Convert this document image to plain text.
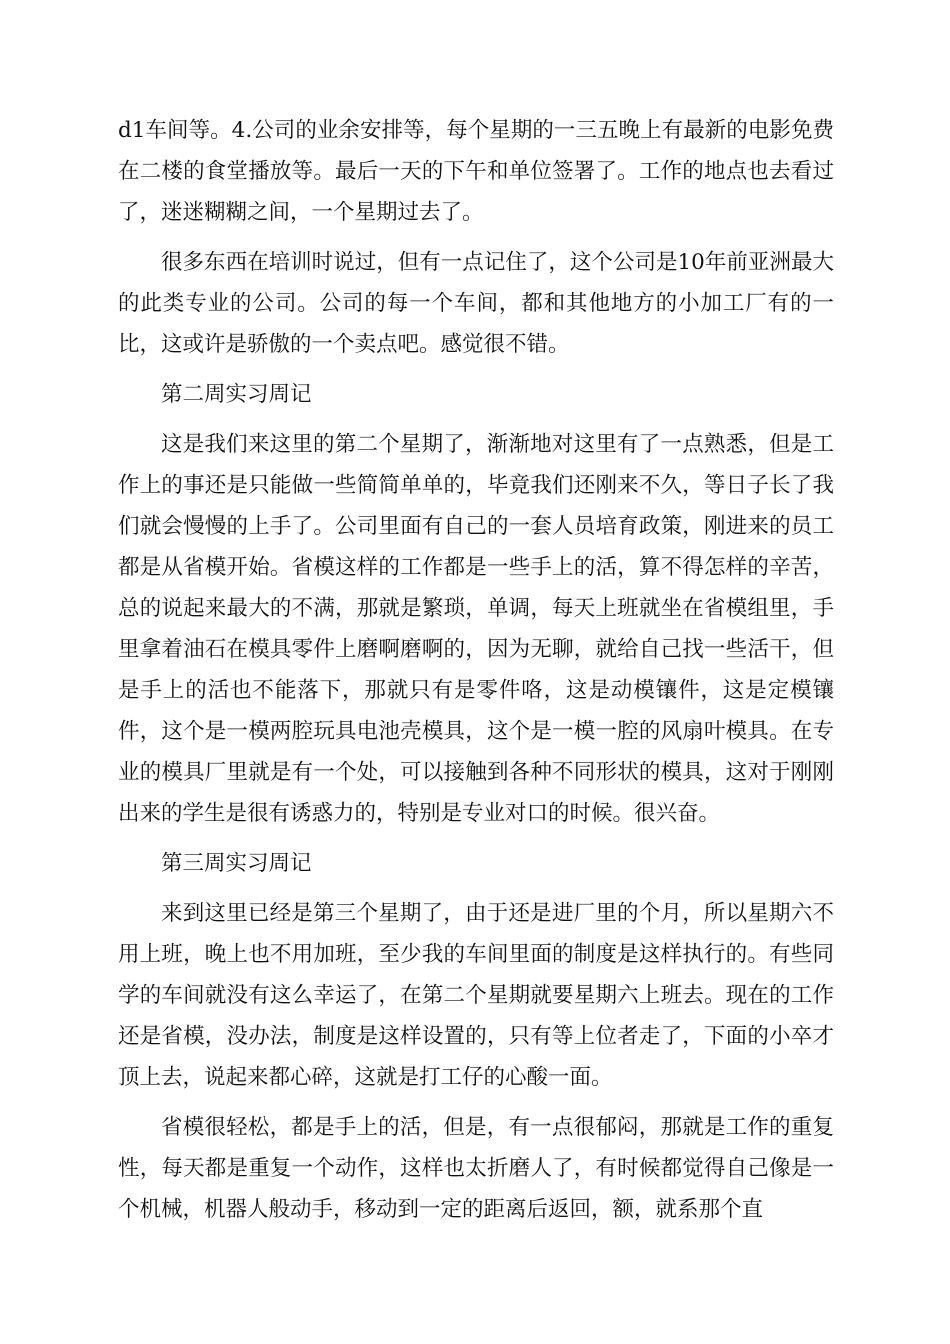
d1车间等。4.公司的业余安排等，每个星期的一三五晚上有最新的电影免费在二楼的食堂播放等。最后一天的下午和单位签署了。工作的地点也去看过了，迷迷糊糊之间，一个星期过去了。

很多东西在培训时说过，但有一点记住了，这个公司是10年前亚洲最大的此类专业的公司。公司的每一个车间，都和其他地方的小加工厂有的一比，这或许是骄傲的一个卖点吧。感觉很不错。

第二周实习周记

这是我们来这里的第二个星期了，渐渐地对这里有了一点熟悉，但是工作上的事还是只能做一些简简单单的，毕竟我们还刚来不久，等日子长了我们就会慢慢的上手了。公司里面有自己的一套人员培育政策，刚进来的员工都是从省模开始。省模这样的工作都是一些手上的活，算不得怎样的辛苦，总的说起来最大的不满，那就是繁琐，单调，每天上班就坐在省模组里，手里拿着油石在模具零件上磨啊磨啊的，因为无聊，就给自己找一些活干，但是手上的活也不能落下，那就只有是零件咯，这是动模镶件，这是定模镶件，这个是一模两腔玩具电池壳模具，这个是一模一腔的风扇叶模具。在专业的模具厂里就是有一个处，可以接触到各种不同形状的模具，这对于刚刚出来的学生是很有诱惑力的，特别是专业对口的时候。很兴奋。

第三周实习周记

来到这里已经是第三个星期了，由于还是进厂里的个月，所以星期六不用上班，晚上也不用加班，至少我的车间里面的制度是这样执行的。有些同学的车间就没有这么幸运了，在第二个星期就要星期六上班去。现在的工作还是省模，没办法，制度是这样设置的，只有等上位者走了，下面的小卒才顶上去，说起来都心碎，这就是打工仔的心酸一面。

省模很轻松，都是手上的活，但是，有一点很郁闷，那就是工作的重复性，每天都是重复一个动作，这样也太折磨人了，有时候都觉得自己像是一个机械，机器人般动手，移动到一定的距离后返回，额，就系那个直
